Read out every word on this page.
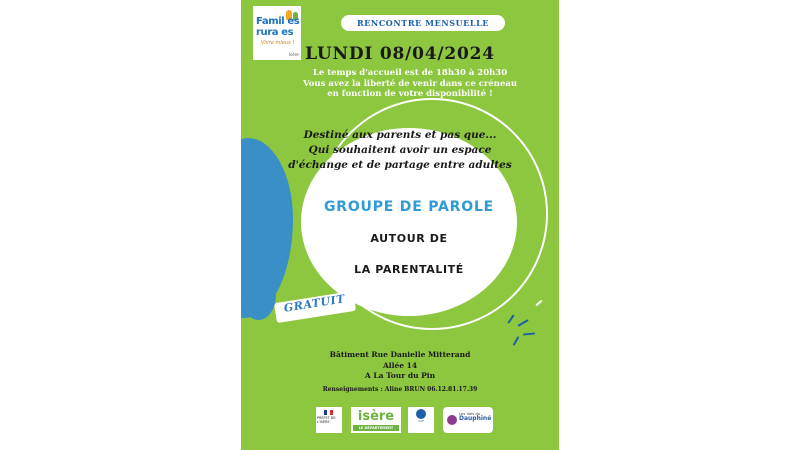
Famil es
rura es
Vivre mieux !
Isère
RENCONTRE MENSUELLE
LUNDI 08/04/2024
Le temps d'accueil est de 18h30 à 20h30
Vous avez la liberté de venir dans ce créneau
en fonction de votre disponibilité !
Destiné aux parents et pas que...
Qui souhaitent avoir un espace
d'échange et de partage entre adultes
GROUPE DE PAROLE
AUTOUR DE
LA PARENTALITÉ
GRATUIT
Bâtiment Rue Danielle Mitterand
Allée 14
A La Tour du Pin
Renseignements : Aline BRUN 06.12.81.17.39
PRÉFET DE L'ISÈRE	isère
LE DÉPARTEMENT
CAF
Les Vals du
Dauphiné
